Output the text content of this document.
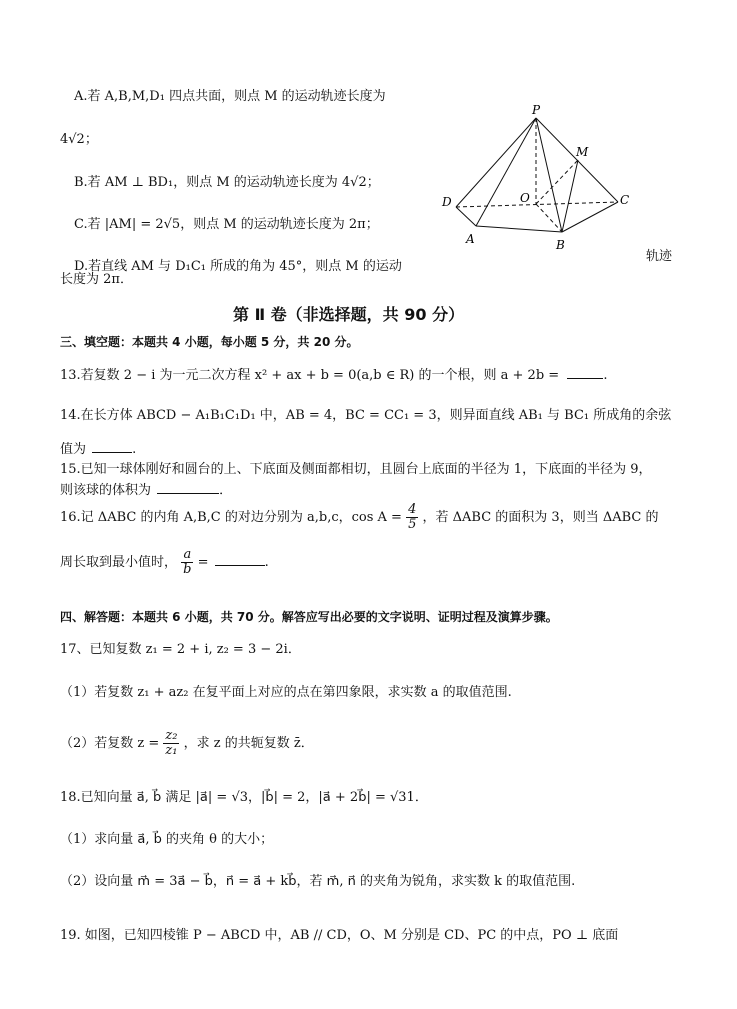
A.若 A,B,M,D₁ 四点共面，则点 M 的运动轨迹长度为
4√2；
B.若 AM ⊥ BD₁，则点 M 的运动轨迹长度为 4√2；
C.若 |AM| = 2√5，则点 M 的运动轨迹长度为 2π；
D.若直线 AM 与 D₁C₁ 所成的角为 45°，则点 M 的运动
长度为 2π．
轨迹
P
M
D	O	C
A	B
第 Ⅱ 卷（非选择题，共 90 分）
三、填空题：本题共 4 小题，每小题 5 分，共 20 分。
13.若复数 2 − i 为一元二次方程 x² + ax + b = 0(a,b ∈ R) 的一个根，则 a + 2b =	.
14.在长方体 ABCD − A₁B₁C₁D₁ 中，AB = 4，BC = CC₁ = 3，则异面直线 AB₁ 与 BC₁ 所成角的余弦
值为	.
15.已知一球体刚好和圆台的上、下底面及侧面都相切，且圆台上底面的半径为 1，下底面的半径为 9，
则该球的体积为	．
16.记 ΔABC 的内角 A,B,C 的对边分别为 a,b,c，$\cos A = \frac{4}{5}$ ，若 ΔABC 的面积为 3，则当 ΔABC 的
周长取到最小值时， $\frac{a}{b}$ =	.
四、解答题：本题共 6 小题，共 70 分。解答应写出必要的文字说明、证明过程及演算步骤。
17、已知复数 z₁ = 2 + i, z₂ = 3 − 2i．
（1）若复数 z₁ + az₂ 在复平面上对应的点在第四象限，求实数 a 的取值范围.
（2）若复数 $z = \frac{\text{z₂}}{\text{z₁}}$ ，求 z 的共轭复数 z̄．
18.已知向量 a⃗, b⃗ 满足 |a⃗| = √3，|b⃗| = 2，|a⃗ + 2b⃗| = √31．
（1）求向量 a⃗, b⃗ 的夹角 θ 的大小；
（2）设向量 m⃗ = 3a⃗ − b⃗，n⃗ = a⃗ + kb⃗，若 m⃗, n⃗ 的夹角为锐角，求实数 k 的取值范围.
19. 如图，已知四棱锥 P − ABCD 中，AB // CD，O、M 分别是 CD、PC 的中点，PO ⊥ 底面
